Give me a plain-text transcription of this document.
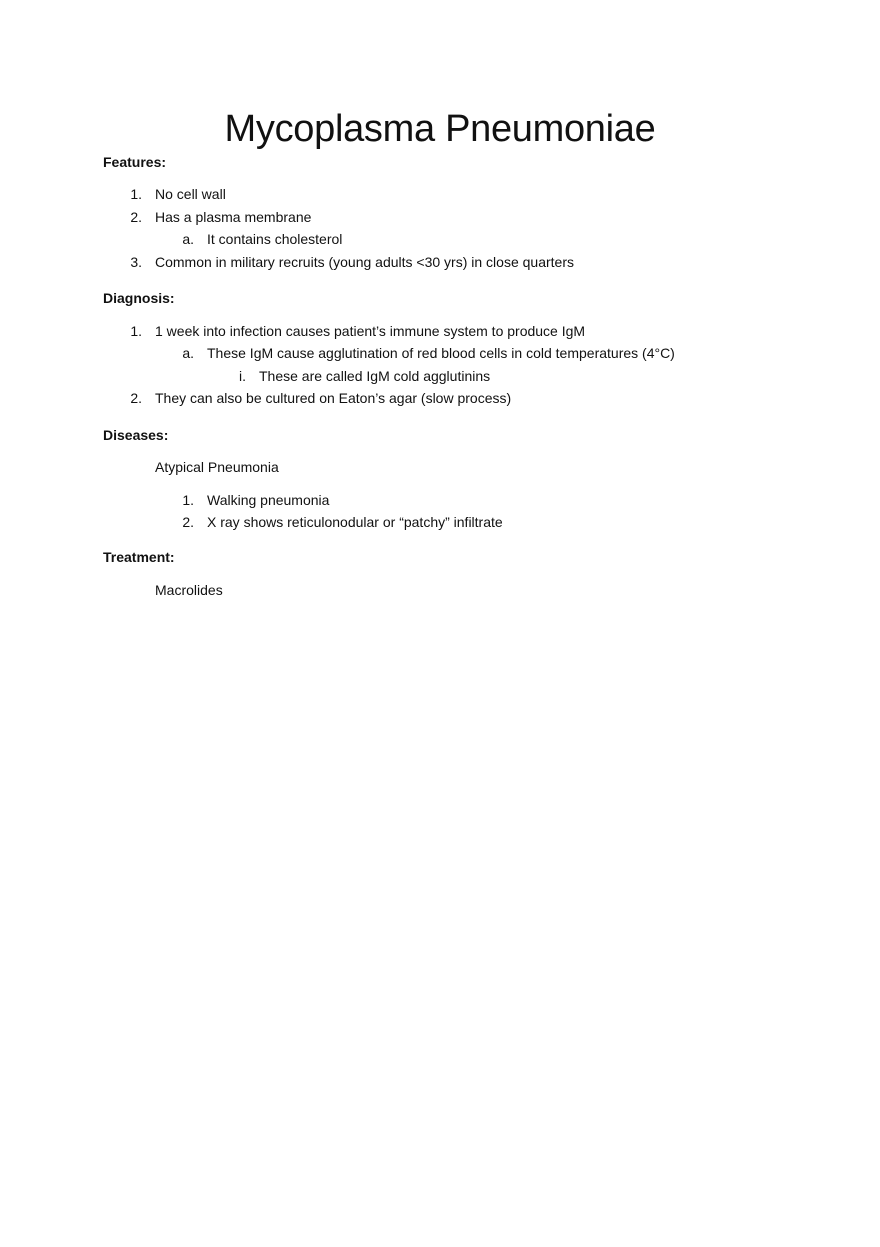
Mycoplasma Pneumoniae
Features:
1. No cell wall
2. Has a plasma membrane
a. It contains cholesterol
3. Common in military recruits (young adults <30 yrs) in close quarters
Diagnosis:
1. 1 week into infection causes patient’s immune system to produce IgM
a. These IgM cause agglutination of red blood cells in cold temperatures (4°C)
i. These are called IgM cold agglutinins
2. They can also be cultured on Eaton’s agar (slow process)
Diseases:
Atypical Pneumonia
1. Walking pneumonia
2. X ray shows reticulonodular or “patchy” infiltrate
Treatment:
Macrolides
